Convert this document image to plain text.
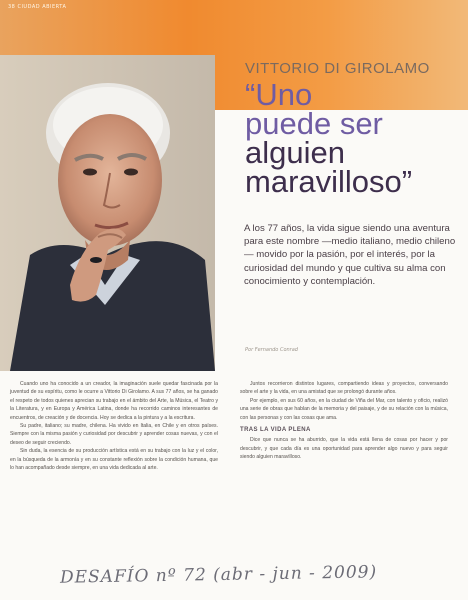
38 CIUDAD ABIERTA
Por Fernando Conrad
VITTORIO DI GIROLAMO
“Uno
puede ser
alguien
maravilloso”
A los 77 años, la vida sigue siendo una aventura para este nombre —medio italiano, medio chileno— movido por la pasión, por el interés, por la curiosidad del mundo y que cultiva su alma con conocimiento y contemplación.

Cuando uno ha conocido a un creador, la imaginación suele quedar fascinada por la juventud de su espíritu, como le ocurre a Vittorio Di Girolamo. A sus 77 años, se ha ganado el respeto de todos quienes aprecian su trabajo en el ámbito del Arte, la Música, el Teatro y la Literatura, y en Europa y América Latina, donde ha recorrido caminos interesantes de encuentros, de creación y de docencia. Hoy se dedica a la pintura y a la escritura.

Su padre, italiano; su madre, chilena. Ha vivido en Italia, en Chile y en otros países. Siempre con la misma pasión y curiosidad por descubrir y aprender cosas nuevas, y con el deseo de seguir creciendo.

Sin duda, la esencia de su producción artística está en su trabajo con la luz y el color, en la búsqueda de la armonía y en su constante reflexión sobre la condición humana, que lo han acompañado desde siempre, en una vida dedicada al arte.

Juntos recorrieron distintos lugares, compartiendo ideas y proyectos, conversando sobre el arte y la vida, en una amistad que se prolongó durante años.

Por ejemplo, en sus 60 años, en la ciudad de Viña del Mar, con talento y oficio, realizó una serie de obras que hablan de la memoria y del paisaje, y de su relación con la música, con las personas y con las cosas que ama.

TRAS LA VIDA PLENA

Dice que nunca se ha aburrido, que la vida está llena de cosas por hacer y por descubrir, y que cada día es una oportunidad para aprender algo nuevo y para seguir siendo alguien maravilloso.

DESAFÍO nº 72 (abr - jun - 2009)
